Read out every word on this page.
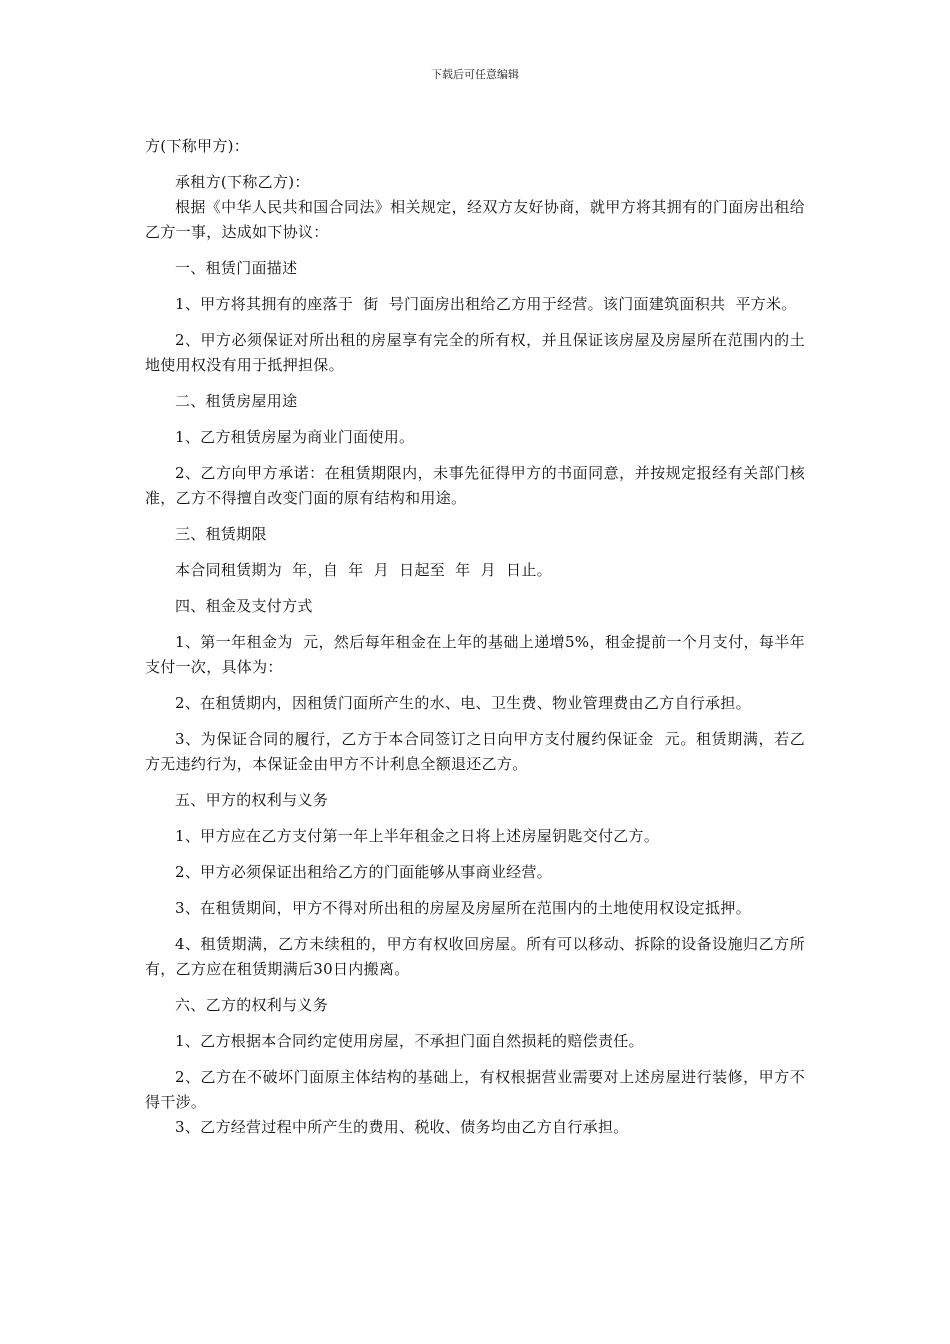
下载后可任意编辑

方(下称甲方)：

承租方(下称乙方)：

根据《中华人民共和国合同法》相关规定，经双方友好协商，就甲方将其拥有的门面房出租给乙方一事，达成如下协议：

一、租赁门面描述

1、甲方将其拥有的座落于  街  号门面房出租给乙方用于经营。该门面建筑面积共  平方米。

2、甲方必须保证对所出租的房屋享有完全的所有权，并且保证该房屋及房屋所在范围内的土地使用权没有用于抵押担保。

二、租赁房屋用途

1、乙方租赁房屋为商业门面使用。

2、乙方向甲方承诺：在租赁期限内，未事先征得甲方的书面同意，并按规定报经有关部门核准，乙方不得擅自改变门面的原有结构和用途。

三、租赁期限

本合同租赁期为  年，自  年  月  日起至  年  月  日止。

四、租金及支付方式

1、第一年租金为  元，然后每年租金在上年的基础上递增5%，租金提前一个月支付，每半年支付一次，具体为：

2、在租赁期内，因租赁门面所产生的水、电、卫生费、物业管理费由乙方自行承担。

3、为保证合同的履行，乙方于本合同签订之日向甲方支付履约保证金  元。租赁期满，若乙方无违约行为，本保证金由甲方不计利息全额退还乙方。

五、甲方的权利与义务

1、甲方应在乙方支付第一年上半年租金之日将上述房屋钥匙交付乙方。

2、甲方必须保证出租给乙方的门面能够从事商业经营。

3、在租赁期间，甲方不得对所出租的房屋及房屋所在范围内的土地使用权设定抵押。

4、租赁期满，乙方未续租的，甲方有权收回房屋。所有可以移动、拆除的设备设施归乙方所有，乙方应在租赁期满后30日内搬离。

六、乙方的权利与义务

1、乙方根据本合同约定使用房屋，不承担门面自然损耗的赔偿责任。

2、乙方在不破坏门面原主体结构的基础上，有权根据营业需要对上述房屋进行装修，甲方不得干涉。

3、乙方经营过程中所产生的费用、税收、债务均由乙方自行承担。
